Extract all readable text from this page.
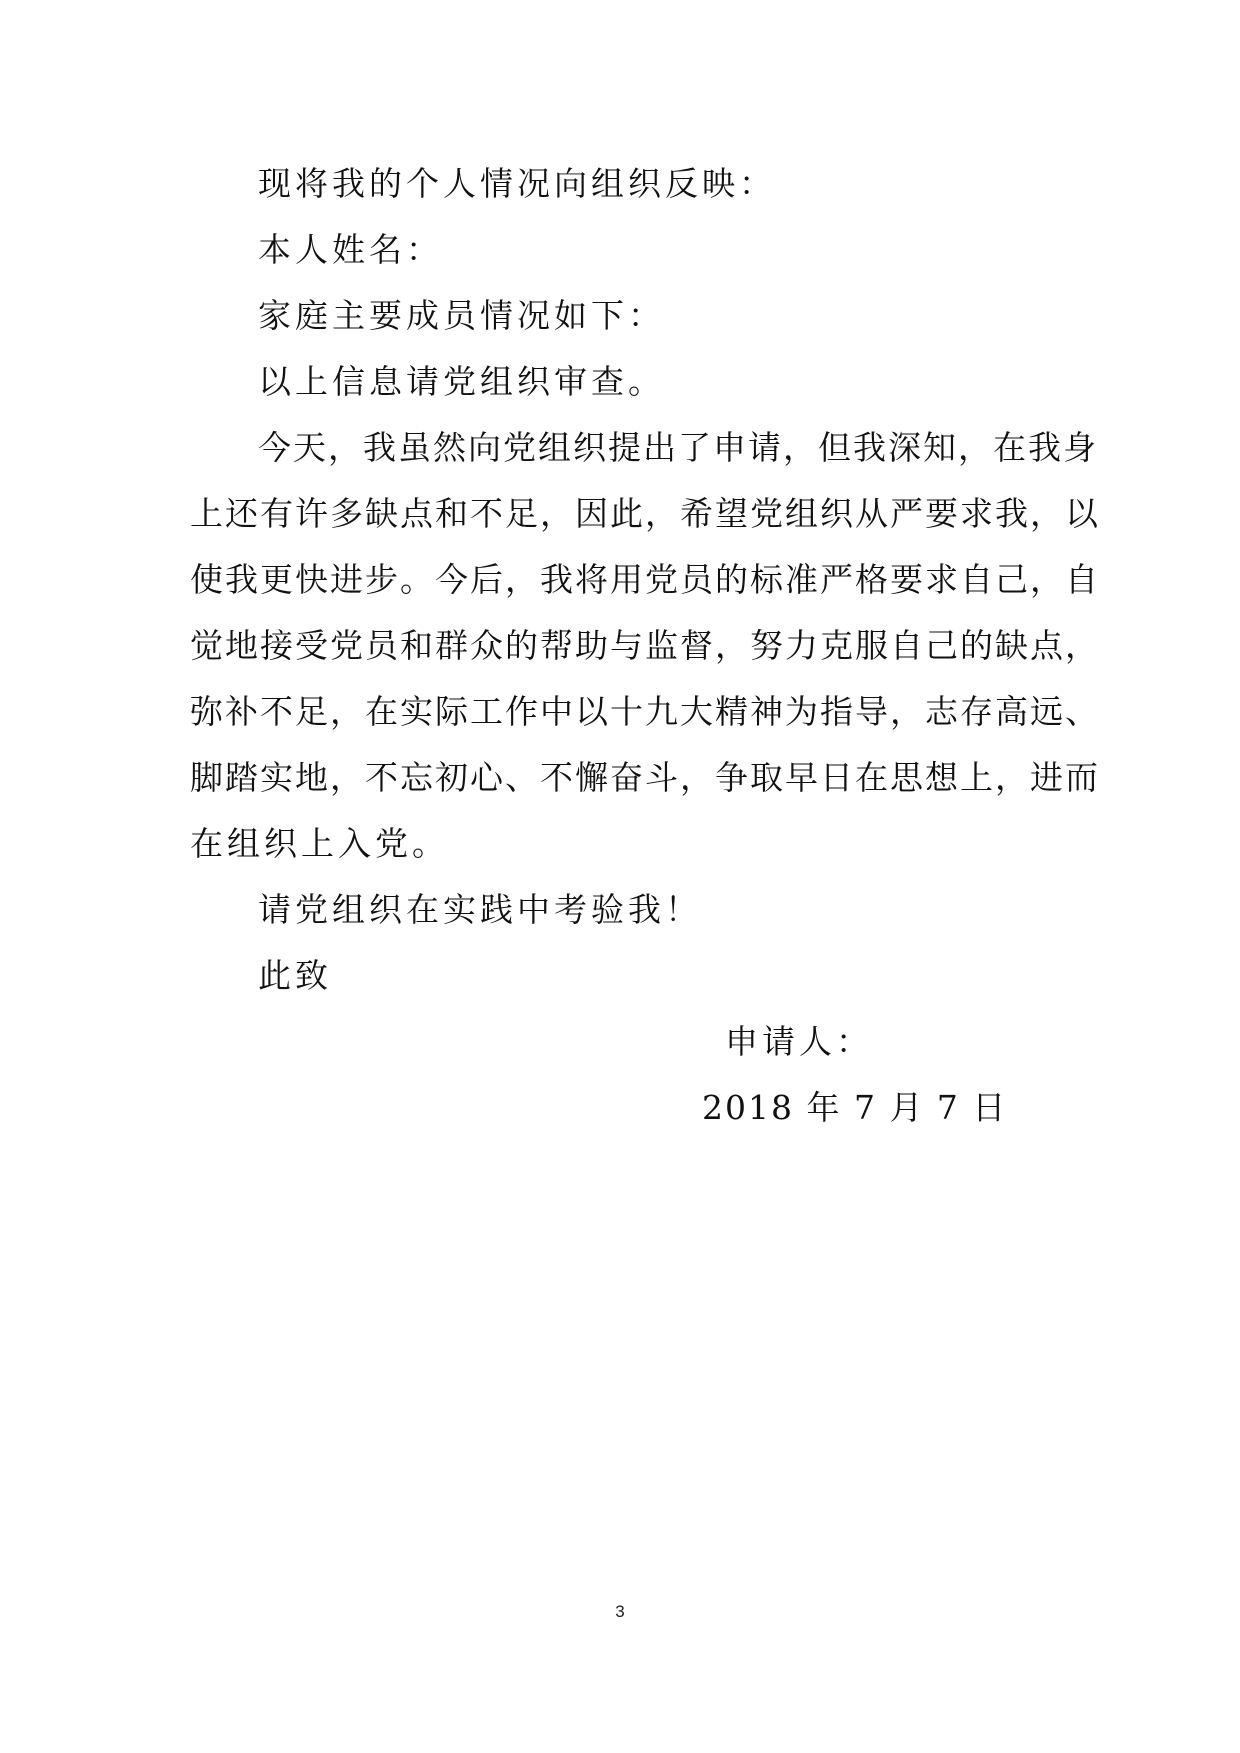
现将我的个人情况向组织反映：
本人姓名：
家庭主要成员情况如下：
以上信息请党组织审查。
今天，我虽然向党组织提出了申请，但我深知，在我身
上还有许多缺点和不足，因此，希望党组织从严要求我，以
使我更快进步。今后，我将用党员的标准严格要求自己，自
觉地接受党员和群众的帮助与监督，努力克服自己的缺点，
弥补不足，在实际工作中以十九大精神为指导，志存高远、
脚踏实地，不忘初心、不懈奋斗，争取早日在思想上，进而
在组织上入党。
请党组织在实践中考验我！
此致
申请人：
2018 年 7 月 7 日
3
